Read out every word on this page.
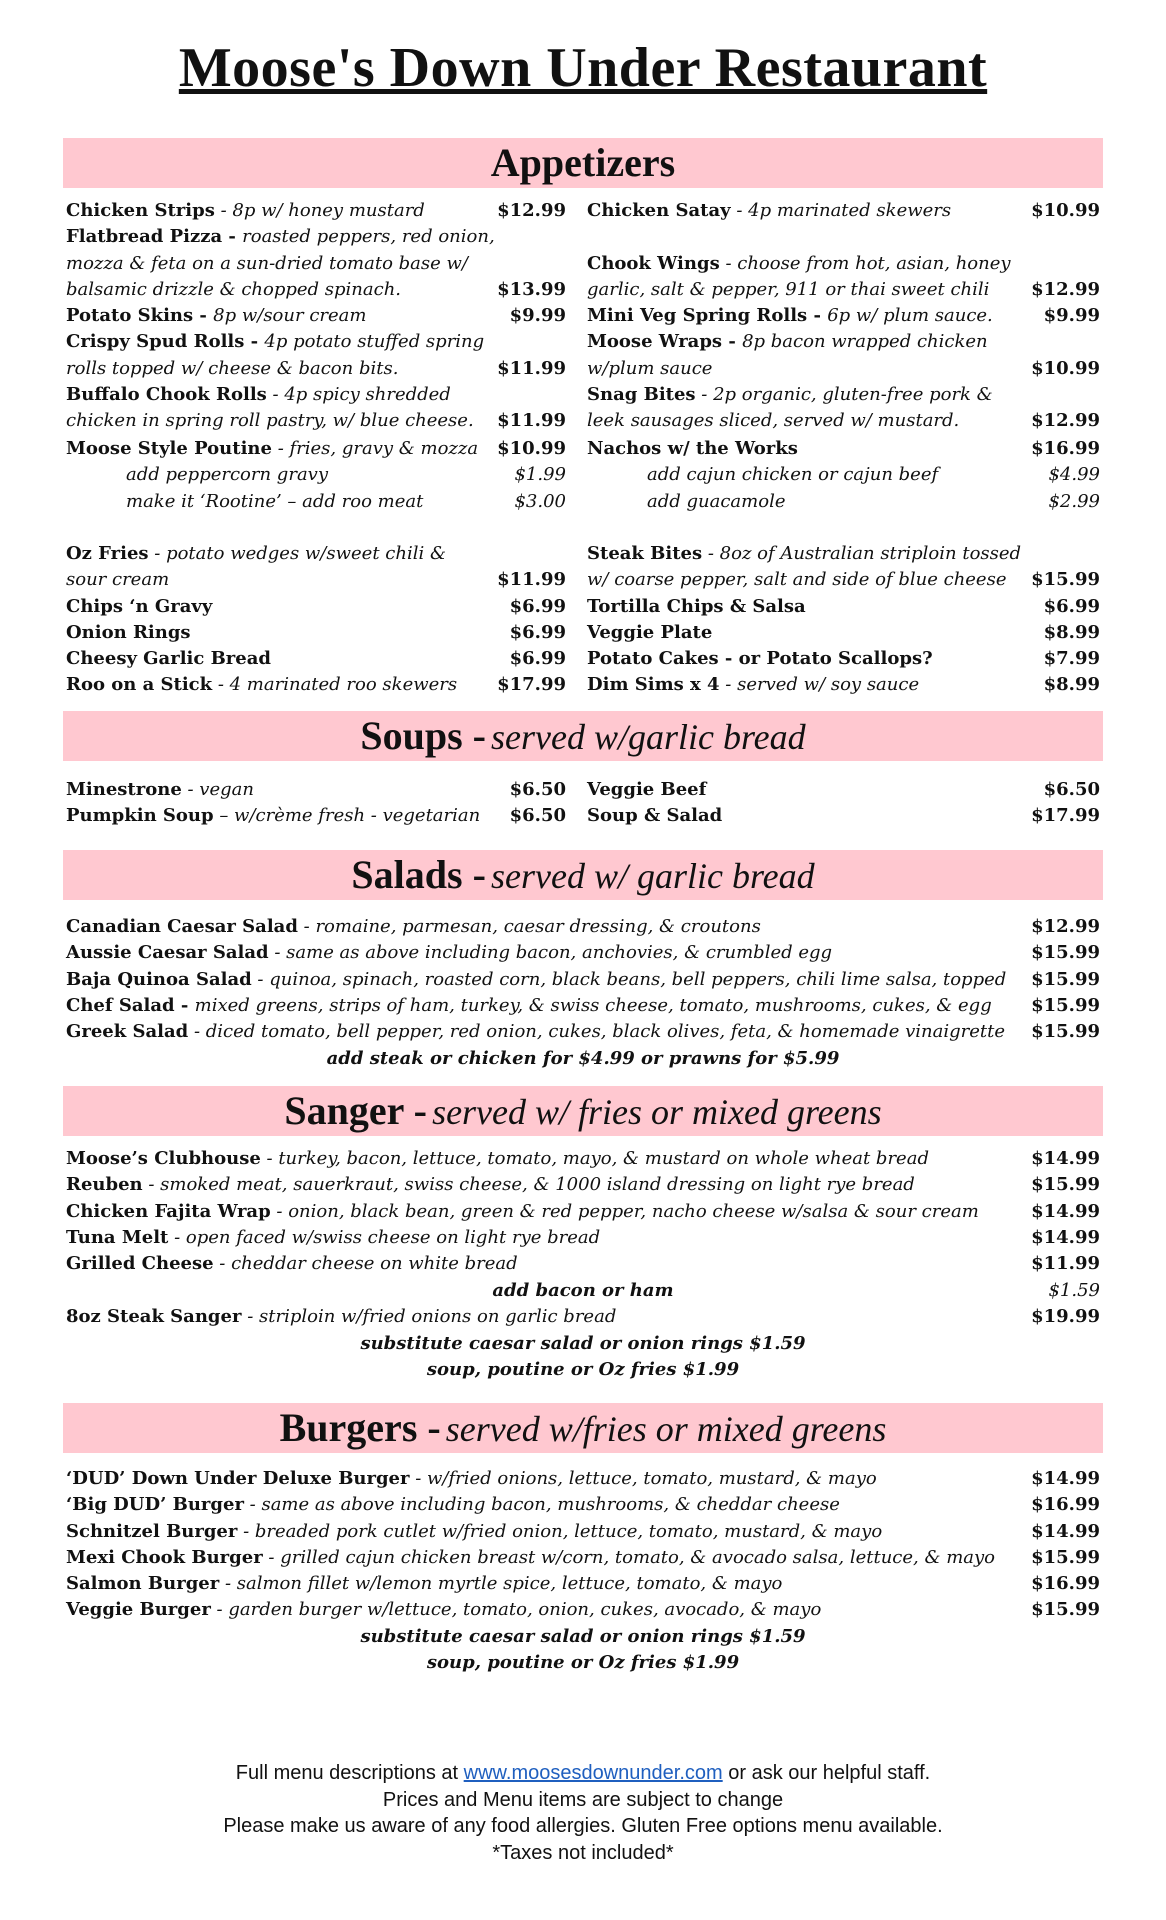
Moose's Down Under Restaurant
Appetizers
Chicken Strips - 8p w/ honey mustard	$12.99
Flatbread Pizza - roasted peppers, red onion,
mozza & feta on a sun-dried tomato base w/
balsamic drizzle & chopped spinach.	$13.99
Potato Skins - 8p w/sour cream	$9.99
Crispy Spud Rolls - 4p potato stuffed spring
rolls topped w/ cheese & bacon bits.	$11.99
Buffalo Chook Rolls - 4p spicy shredded
chicken in spring roll pastry, w/ blue cheese. $11.99
Chicken Satay - 4p marinated skewers	$10.99

Chook Wings - choose from hot, asian, honey
garlic, salt & pepper, 911 or thai sweet chili $12.99
Mini Veg Spring Rolls - 6p w/ plum sauce.	$9.99
Moose Wraps - 8p bacon wrapped chicken
w/plum sauce	$10.99
Snag Bites - 2p organic, gluten-free pork &
leek sausages sliced, served w/ mustard.	$12.99
Moose Style Poutine - fries, gravy & mozza $10.99
add peppercorn gravy	$1.99
make it ‘Rootine’ – add roo meat	$3.00
Nachos w/ the Works	$16.99
add cajun chicken or cajun beef	$4.99
add guacamole	$2.99
Oz Fries - potato wedges w/sweet chili &
sour cream	$11.99
Chips ‘n Gravy	$6.99
Onion Rings	$6.99
Cheesy Garlic Bread	$6.99
Roo on a Stick - 4 marinated roo skewers $17.99
Steak Bites - 8oz of Australian striploin tossed
w/ coarse pepper, salt and side of blue cheese $15.99
Tortilla Chips & Salsa	$6.99
Veggie Plate	$8.99
Potato Cakes - or Potato Scallops?	$7.99
Dim Sims x 4 - served w/ soy sauce	$8.99
Soups - served w/garlic bread
Minestrone - vegan	$6.50
Pumpkin Soup – w/crème fresh - vegetarian $6.50
Veggie Beef	$6.50
Soup & Salad	$17.99
Salads - served w/ garlic bread
Canadian Caesar Salad - romaine, parmesan, caesar dressing, & croutons	$12.99
Aussie Caesar Salad - same as above including bacon, anchovies, & crumbled egg	$15.99
Baja Quinoa Salad - quinoa, spinach, roasted corn, black beans, bell peppers, chili lime salsa, topped $15.99
Chef Salad - mixed greens, strips of ham, turkey, & swiss cheese, tomato, mushrooms, cukes, & egg $15.99
Greek Salad - diced tomato, bell pepper, red onion, cukes, black olives, feta, & homemade vinaigrette $15.99
add steak or chicken for $4.99 or prawns for $5.99
Sanger - served w/ fries or mixed greens
Moose’s Clubhouse - turkey, bacon, lettuce, tomato, mayo, & mustard on whole wheat bread	$14.99
Reuben - smoked meat, sauerkraut, swiss cheese, & 1000 island dressing on light rye bread	$15.99
Chicken Fajita Wrap - onion, black bean, green & red pepper, nacho cheese w/salsa & sour cream	$14.99
Tuna Melt - open faced w/swiss cheese on light rye bread	$14.99
Grilled Cheese - cheddar cheese on white bread	$11.99
add bacon or ham	$1.59
8oz Steak Sanger - striploin w/fried onions on garlic bread	$19.99
substitute caesar salad or onion rings $1.59
soup, poutine or Oz fries $1.99
Burgers - served w/fries or mixed greens
‘DUD’ Down Under Deluxe Burger - w/fried onions, lettuce, tomato, mustard, & mayo	$14.99
‘Big DUD’ Burger - same as above including bacon, mushrooms, & cheddar cheese	$16.99
Schnitzel Burger - breaded pork cutlet w/fried onion, lettuce, tomato, mustard, & mayo	$14.99
Mexi Chook Burger - grilled cajun chicken breast w/corn, tomato, & avocado salsa, lettuce, & mayo $15.99
Salmon Burger - salmon fillet w/lemon myrtle spice, lettuce, tomato, & mayo	$16.99
Veggie Burger - garden burger w/lettuce, tomato, onion, cukes, avocado, & mayo	$15.99
substitute caesar salad or onion rings $1.59
soup, poutine or Oz fries $1.99
Full menu descriptions at www.moosesdownunder.com or ask our helpful staff.
Prices and Menu items are subject to change
Please make us aware of any food allergies. Gluten Free options menu available.
*Taxes not included*
